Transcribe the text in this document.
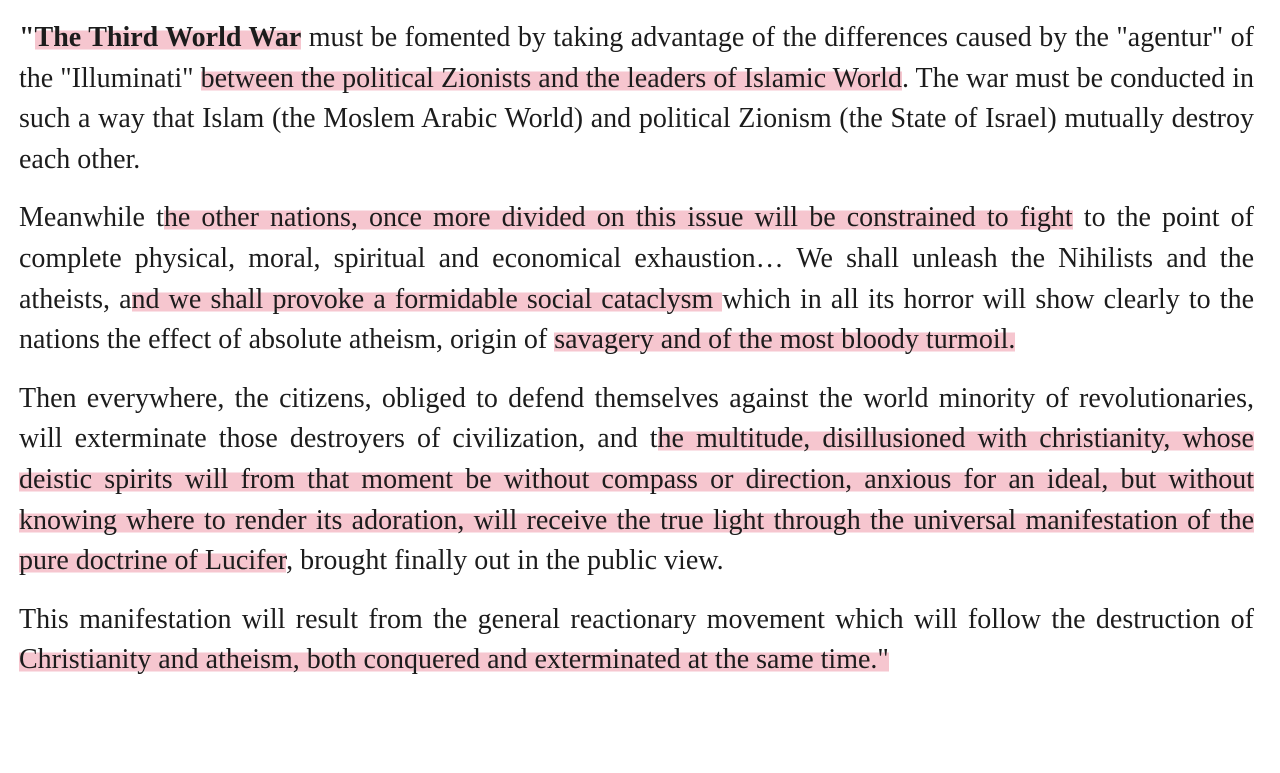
"The Third World War must be fomented by taking advantage of the differences caused by the "agentur" of the "Illuminati" between the political Zionists and the leaders of Islamic World. The war must be conducted in such a way that Islam (the Moslem Arabic World) and political Zionism (the State of Israel) mutually destroy each other.

Meanwhile the other nations, once more divided on this issue will be constrained to fight to the point of complete physical, moral, spiritual and economical exhaustion… We shall unleash the Nihilists and the atheists, and we shall provoke a formidable social cataclysm which in all its horror will show clearly to the nations the effect of absolute atheism, origin of savagery and of the most bloody turmoil.

Then everywhere, the citizens, obliged to defend themselves against the world minority of revolutionaries, will exterminate those destroyers of civilization, and the multitude, disillusioned with christianity, whose deistic spirits will from that moment be without compass or direction, anxious for an ideal, but without knowing where to render its adoration, will receive the true light through the universal manifestation of the pure doctrine of Lucifer, brought finally out in the public view.

This manifestation will result from the general reactionary movement which will follow the destruction of Christianity and atheism, both conquered and exterminated at the same time."
